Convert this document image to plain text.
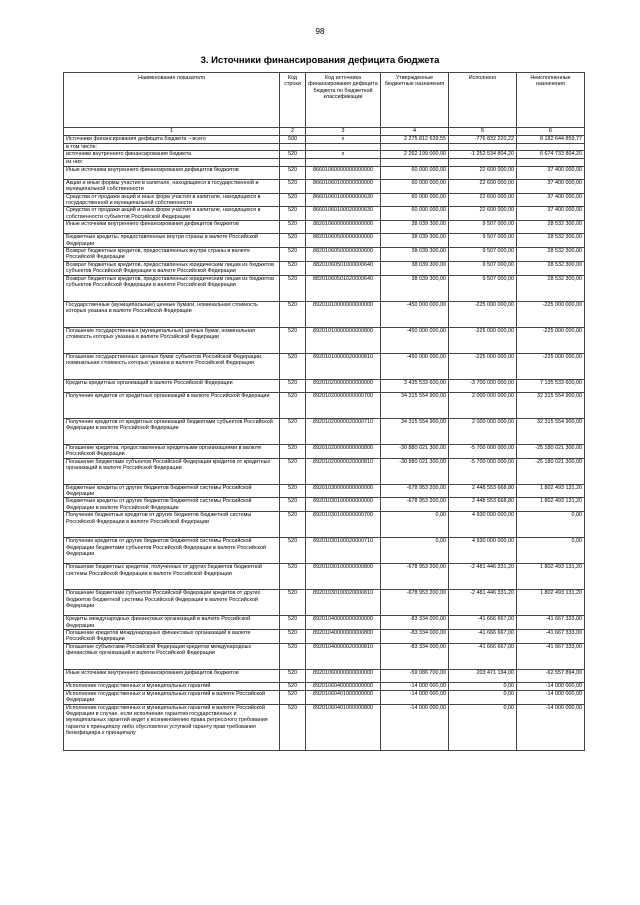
98
3. Источники финансирования дефицита бюджета
Наименование показателя	Код строки	Код источника финансирования дефицита бюджета по бюджетной классификации	Утвержденные бюджетные назначения	Исполнено	Неисполненные назначения
1	2	3	4	5	6
Источники финансирования дефицита бюджета – всего	500	x	2 275 812 639,55	-776 832 220,22	8 182 644 859,77
в том числе:					
источники внутреннего финансирования бюджета	520	x	2 262 199 000,00	-1 252 534 804,20	6 674 733 804,20
из них:					
Иные источники внутреннего финансирования дефицитов бюджетов	520	86601060000000000000	60 000 000,00	22 600 000,00	37 400 000,00
Акции и иные формы участия в капитале, находящиеся в государственной и муниципальной собственности	520	86601060100000000000	60 000 000,00	22 600 000,00	37 400 000,00
Средства от продажи акций и иных форм участия в капитале, находящихся в государственной и муниципальной собственности	520	86601060100000000630	60 000 000,00	22 600 000,00	37 400 000,00
Средства от продажи акций и иных форм участия в капитале, находящихся в собственности субъектов Российской Федерации	520	86601060100020000630	60 000 000,00	22 600 000,00	37 400 000,00
Иные источники внутреннего финансирования дефицитов бюджетов	520	88201060000000000000	38 039 300,00	9 507 000,00	28 532 300,00
Бюджетные кредиты, предоставленные внутри страны в валюте Российской Федерации	520	88201060500000000000	38 039 300,00	9 507 000,00	28 532 300,00
Возврат бюджетных кредитов, предоставленных внутри страны в валюте Российской Федерации	520	88201060500000000600	38 039 300,00	9 507 000,00	28 532 300,00
Возврат бюджетных кредитов, предоставленных юридическим лицам из бюджетов субъектов Российской Федерации в валюте Российской Федерации	520	88201060501000000640	38 039 300,00	9 507 000,00	28 532 300,00
Возврат бюджетных кредитов, предоставленных юридическим лицам из бюджетов субъектов Российской Федерации в валюте Российской Федерации	520	88201060501020000640	38 039 300,00	9 507 000,00	28 532 300,00
Государственные (муниципальные) ценные бумаги, номинальная стоимость которых указана в валюте Российской Федерации	520	89201010000000000000	-450 000 000,00	-225 000 000,00	-225 000 000,00
Погашение государственных (муниципальных) ценных бумаг, номинальная стоимость которых указана в валюте Российской Федерации	520	89201010000000000800	-450 000 000,00	-225 000 000,00	-225 000 000,00
Погашение государственных ценных бумаг субъектов Российской Федерации, номинальная стоимость которых указана в валюте Российской Федерации	520	89201010000020000810	-450 000 000,00	-225 000 000,00	-225 000 000,00
Кредиты кредитных организаций в валюте Российской Федерации	520	89201020000000000000	3 435 533 600,00	-3 700 000 000,00	7 135 533 600,00
Получение кредитов от кредитных организаций в валюте Российской Федерации	520	89201020000000000700	34 315 554 900,00	2 000 000 000,00	32 315 554 900,00
Получение кредитов от кредитных организаций бюджетами субъектов Российской Федерации в валюте Российской Федерации	520	89201020000020000710	34 315 554 900,00	2 000 000 000,00	32 315 554 900,00
Погашение кредитов, предоставленных кредитными организациями в валюте Российской Федерации	520	89201020000000000800	-30 880 021 300,00	-5 700 000 000,00	-25 180 021 300,00
Погашение бюджетами субъектов Российской Федерации кредитов от кредитных организаций в валюте Российской Федерации	520	89201020000020000810	-30 880 021 300,00	-5 700 000 000,00	-25 180 021 300,00
Бюджетные кредиты от других бюджетов бюджетной системы Российской Федерации	520	89201030000000000000	-678 953 200,00	2 448 553 668,80	1 802 493 131,20
Бюджетные кредиты от других бюджетов бюджетной системы Российской Федерации в валюте Российской Федерации	520	89201030100000000000	-678 953 200,00	2 448 553 668,80	1 802 493 131,20
Получение бюджетных кредитов от других бюджетов бюджетной системы Российской Федерации в валюте Российской Федерации	520	89201030100000000700	0,00	4 930 000 000,00	0,00
Получение кредитов от других бюджетов бюджетной системы Российской Федерации бюджетами субъектов Российской Федерации в валюте Российской Федерации	520	89201030100020000710	0,00	4 930 000 000,00	0,00
Погашение бюджетных кредитов, полученных от других бюджетов бюджетной системы Российской Федерации в валюте Российской Федерации	520	89201030100000000800	-678 953 200,00	-2 481 446 331,20	1 802 493 131,20
Погашение бюджетами субъектов Российской Федерации кредитов от других бюджетов бюджетной системы Российской Федерации в валюте Российской Федерации	520	89201030100020000810	-678 953 200,00	-2 481 446 331,20	1 802 493 131,20
Кредиты международных финансовых организаций в валюте Российской Федерации	520	89201040000000000000	-83 334 000,00	-41 666 667,00	-41 667 333,00
Погашение кредитов международных финансовых организаций в валюте Российской Федерации	520	89201040000000000800	-83 334 000,00	-41 666 667,00	-41 667 333,00
Погашение субъектами Российской Федерации кредитов международных финансовых организаций в валюте Российской Федерации	520	89201040000020000810	-83 334 000,00	-41 666 667,00	-41 667 333,00
Иные источники внутреннего финансирования дефицитов бюджетов	520	89201060000000000000	-59 086 700,00	203 471 194,00	-62 557 894,00
Исполнение государственных и муниципальных гарантий	520	89201060400000000000	-14 000 000,00	0,00	-14 000 000,00
Исполнение государственных и муниципальных гарантий в валюте Российской Федерации	520	89201060401000000000	-14 000 000,00	0,00	-14 000 000,00
Исполнение государственных и муниципальных гарантий в валюте Российской Федерации в случае, если исполнение гарантом государственных и муниципальных гарантий ведет к возникновению права регрессного требования гаранта к принципалу либо обусловлено уступкой гаранту прав требования бенефициара к принципалу	520	89201060401000000800	-14 000 000,00	0,00	-14 000 000,00
